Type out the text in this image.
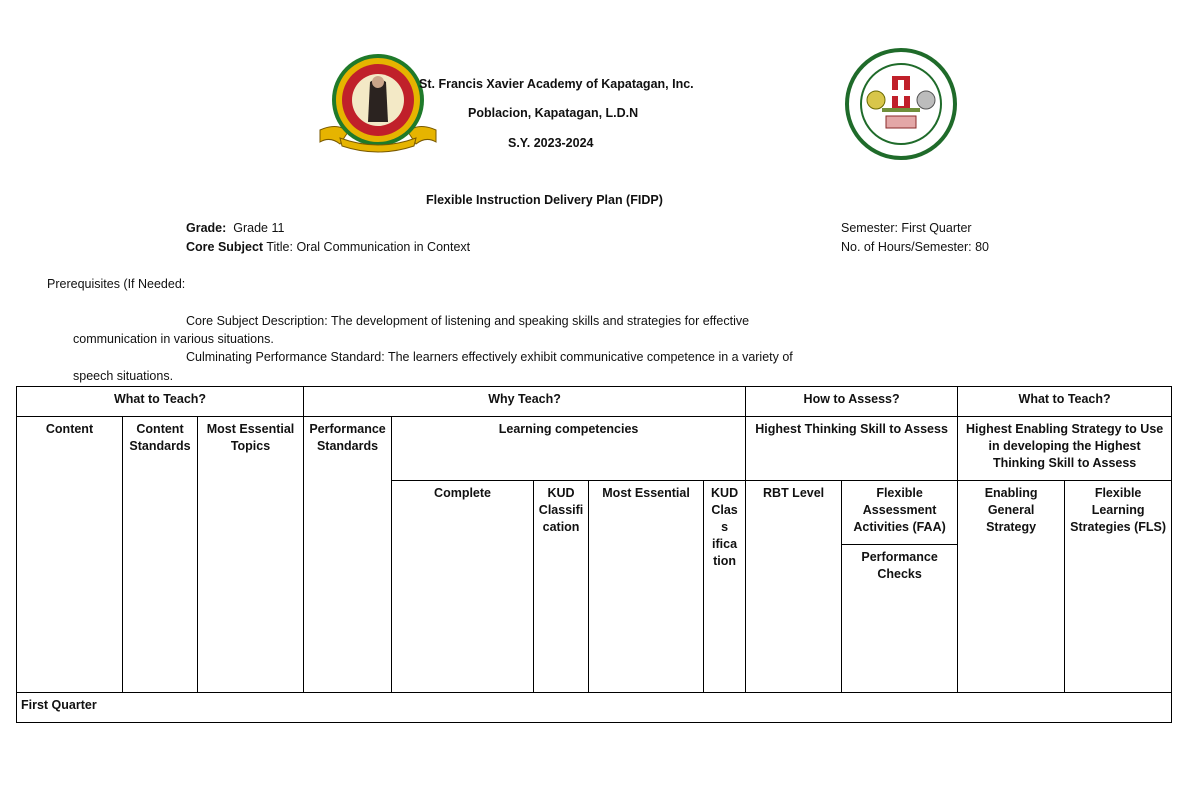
St. Francis Xavier Academy of Kapatagan, Inc.
Poblacion, Kapatagan, L.D.N
S.Y. 2023-2024
Flexible Instruction Delivery Plan (FIDP)
Grade: Grade 11
Core Subject Title: Oral Communication in Context
Semester: First Quarter
No. of Hours/Semester: 80
Prerequisites (If Needed:
Core Subject Description: The development of listening and speaking skills and strategies for effective
communication in various situations.
Culminating Performance Standard: The learners effectively exhibit communicative competence in a variety of
speech situations.
What to Teach?			Why Teach?					How to Assess?		What to Teach?	
Content	Content Standards	Most Essential Topics	Performance Standards	Learning competencies				Highest Thinking Skill to Assess		Highest Enabling Strategy to Use in developing the Highest Thinking Skill to Assess	
				Complete	KUD Classifi cation	Most Essential	KUD Clas s ifica tion	RBT Level	Flexible Assessment Activities (FAA)	Enabling General Strategy	Flexible Learning Strategies (FLS)
									Performance Checks		
First Quarter											
